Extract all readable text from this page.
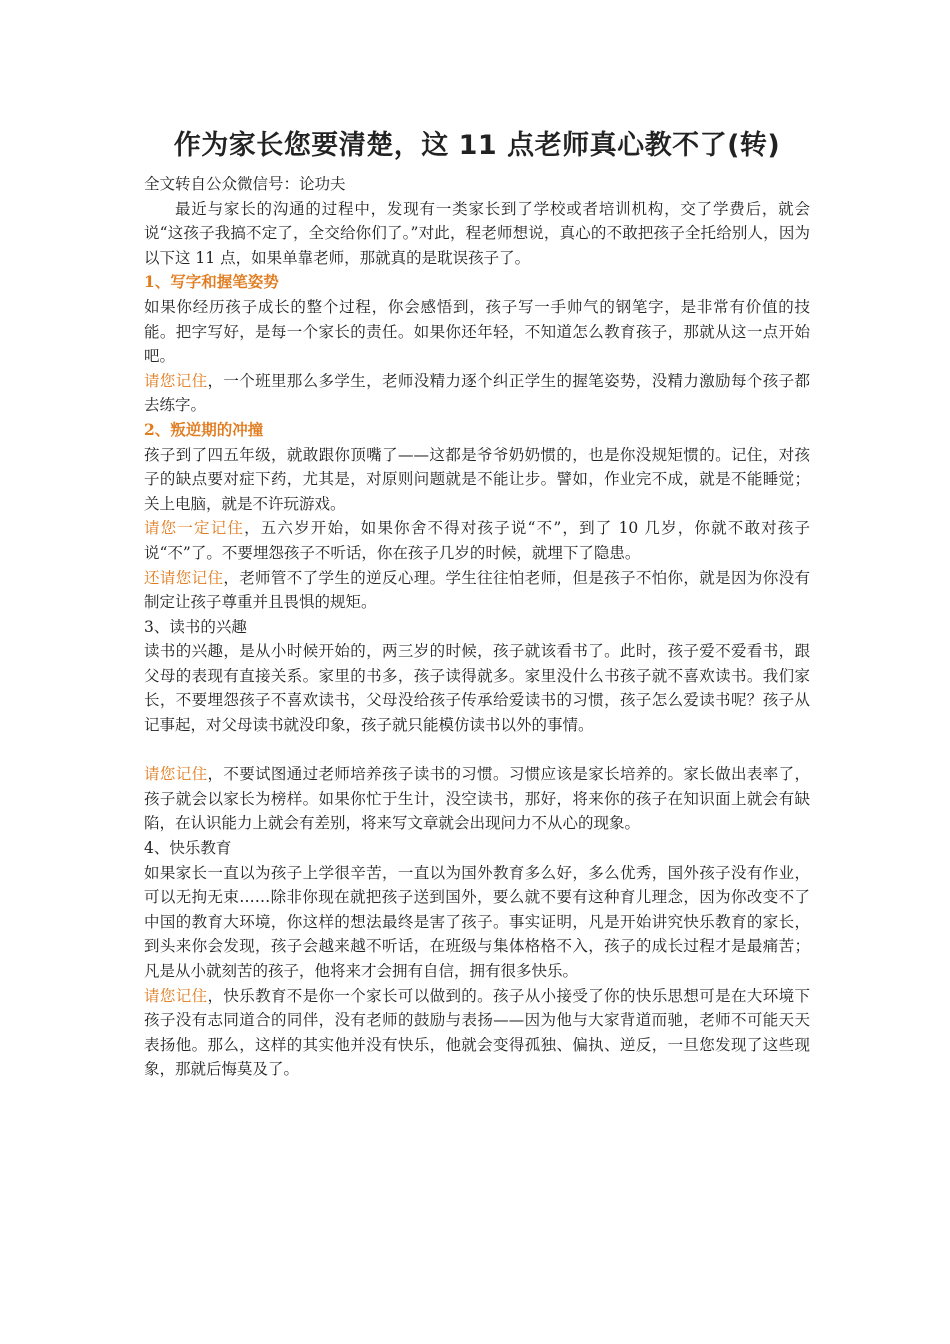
作为家长您要清楚，这 11 点老师真心教不了(转)

全文转自公众微信号：论功夫

最近与家长的沟通的过程中，发现有一类家长到了学校或者培训机构，交了学费后，就会说“这孩子我搞不定了，全交给你们了。”对此，程老师想说，真心的不敢把孩子全托给别人，因为以下这 11 点，如果单靠老师，那就真的是耽误孩子了。

1、写字和握笔姿势

如果你经历孩子成长的整个过程，你会感悟到，孩子写一手帅气的钢笔字，是非常有价值的技能。把字写好，是每一个家长的责任。如果你还年轻，不知道怎么教育孩子，那就从这一点开始吧。

请您记住，一个班里那么多学生，老师没精力逐个纠正学生的握笔姿势，没精力激励每个孩子都去练字。

2、叛逆期的冲撞

孩子到了四五年级，就敢跟你顶嘴了——这都是爷爷奶奶惯的，也是你没规矩惯的。记住，对孩子的缺点要对症下药，尤其是，对原则问题就是不能让步。譬如，作业完不成，就是不能睡觉；关上电脑，就是不许玩游戏。

请您一定记住，五六岁开始，如果你舍不得对孩子说“不”，到了 10 几岁，你就不敢对孩子说“不”了。不要埋怨孩子不听话，你在孩子几岁的时候，就埋下了隐患。

还请您记住，老师管不了学生的逆反心理。学生往往怕老师，但是孩子不怕你，就是因为你没有制定让孩子尊重并且畏惧的规矩。

3、读书的兴趣

读书的兴趣，是从小时候开始的，两三岁的时候，孩子就该看书了。此时，孩子爱不爱看书，跟父母的表现有直接关系。家里的书多，孩子读得就多。家里没什么书孩子就不喜欢读书。我们家长，不要埋怨孩子不喜欢读书，父母没给孩子传承给爱读书的习惯，孩子怎么爱读书呢？孩子从记事起，对父母读书就没印象，孩子就只能模仿读书以外的事情。

请您记住，不要试图通过老师培养孩子读书的习惯。习惯应该是家长培养的。家长做出表率了，孩子就会以家长为榜样。如果你忙于生计，没空读书，那好，将来你的孩子在知识面上就会有缺陷，在认识能力上就会有差别，将来写文章就会出现问力不从心的现象。

4、快乐教育

如果家长一直以为孩子上学很辛苦，一直以为国外教育多么好，多么优秀，国外孩子没有作业，可以无拘无束……除非你现在就把孩子送到国外，要么就不要有这种育儿理念，因为你改变不了中国的教育大环境，你这样的想法最终是害了孩子。事实证明，凡是开始讲究快乐教育的家长，到头来你会发现，孩子会越来越不听话，在班级与集体格格不入，孩子的成长过程才是最痛苦；凡是从小就刻苦的孩子，他将来才会拥有自信，拥有很多快乐。

请您记住，快乐教育不是你一个家长可以做到的。孩子从小接受了你的快乐思想可是在大环境下孩子没有志同道合的同伴，没有老师的鼓励与表扬——因为他与大家背道而驰，老师不可能天天表扬他。那么，这样的其实他并没有快乐，他就会变得孤独、偏执、逆反，一旦您发现了这些现象，那就后悔莫及了。
